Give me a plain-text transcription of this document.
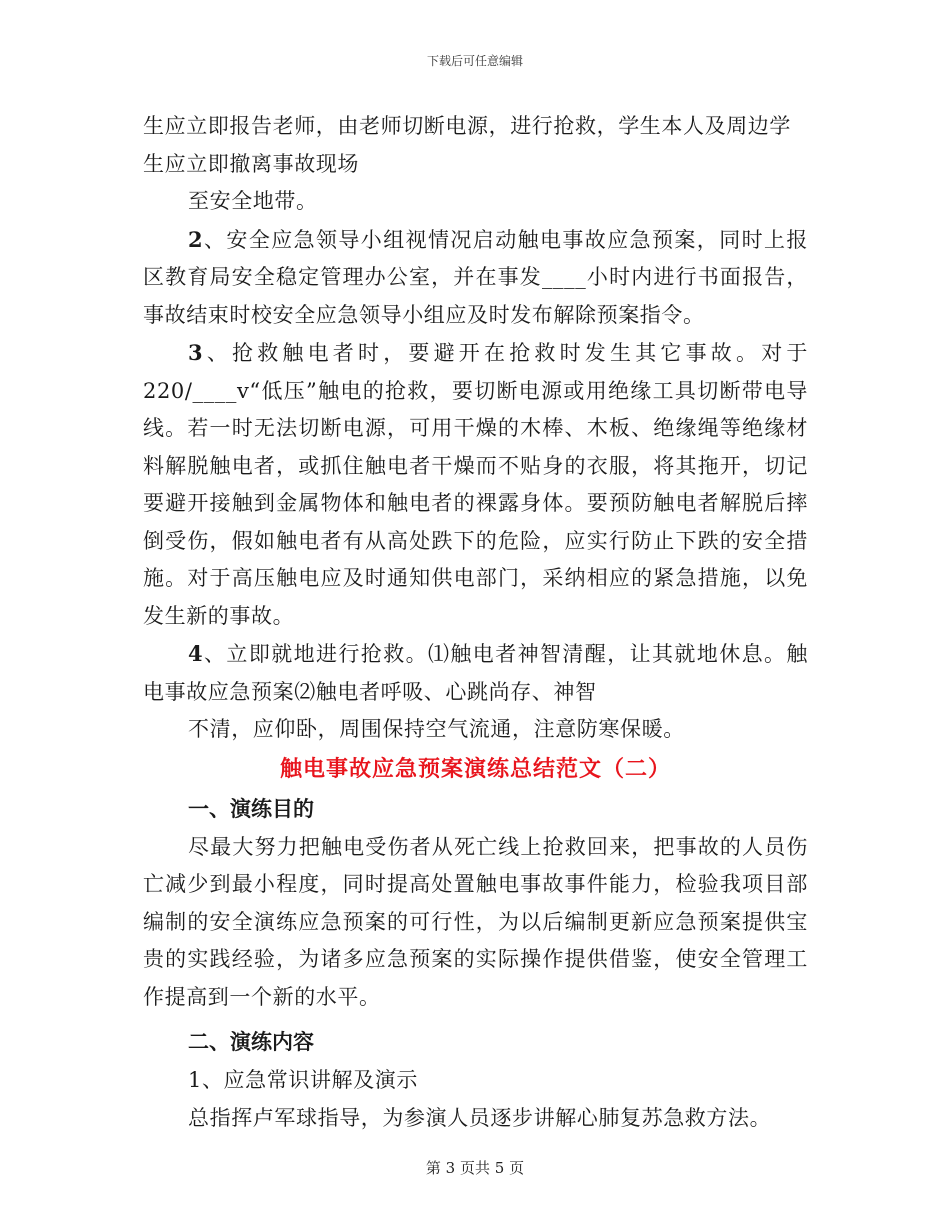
下载后可任意编辑

生应立即报告老师，由老师切断电源，进行抢救，学生本人及周边学

生应立即撤离事故现场

至安全地带。

2、安全应急领导小组视情况启动触电事故应急预案，同时上报区教育局安全稳定管理办公室，并在事发____小时内进行书面报告，事故结束时校安全应急领导小组应及时发布解除预案指令。

3、抢救触电者时，要避开在抢救时发生其它事故。对于220/____v“低压”触电的抢救，要切断电源或用绝缘工具切断带电导线。若一时无法切断电源，可用干燥的木棒、木板、绝缘绳等绝缘材料解脱触电者，或抓住触电者干燥而不贴身的衣服，将其拖开，切记要避开接触到金属物体和触电者的裸露身体。要预防触电者解脱后摔倒受伤，假如触电者有从高处跌下的危险，应实行防止下跌的安全措施。对于高压触电应及时通知供电部门，采纳相应的紧急措施，以免发生新的事故。

4、立即就地进行抢救。⑴触电者神智清醒，让其就地休息。触电事故应急预案⑵触电者呼吸、心跳尚存、神智

不清，应仰卧，周围保持空气流通，注意防寒保暖。

触电事故应急预案演练总结范文（二）

一、演练目的

尽最大努力把触电受伤者从死亡线上抢救回来，把事故的人员伤亡减少到最小程度，同时提高处置触电事故事件能力，检验我项目部编制的安全演练应急预案的可行性，为以后编制更新应急预案提供宝贵的实践经验，为诸多应急预案的实际操作提供借鉴，使安全管理工作提高到一个新的水平。

二、演练内容

1、应急常识讲解及演示

总指挥卢军球指导，为参演人员逐步讲解心肺复苏急救方法。

第 3 页共 5 页
